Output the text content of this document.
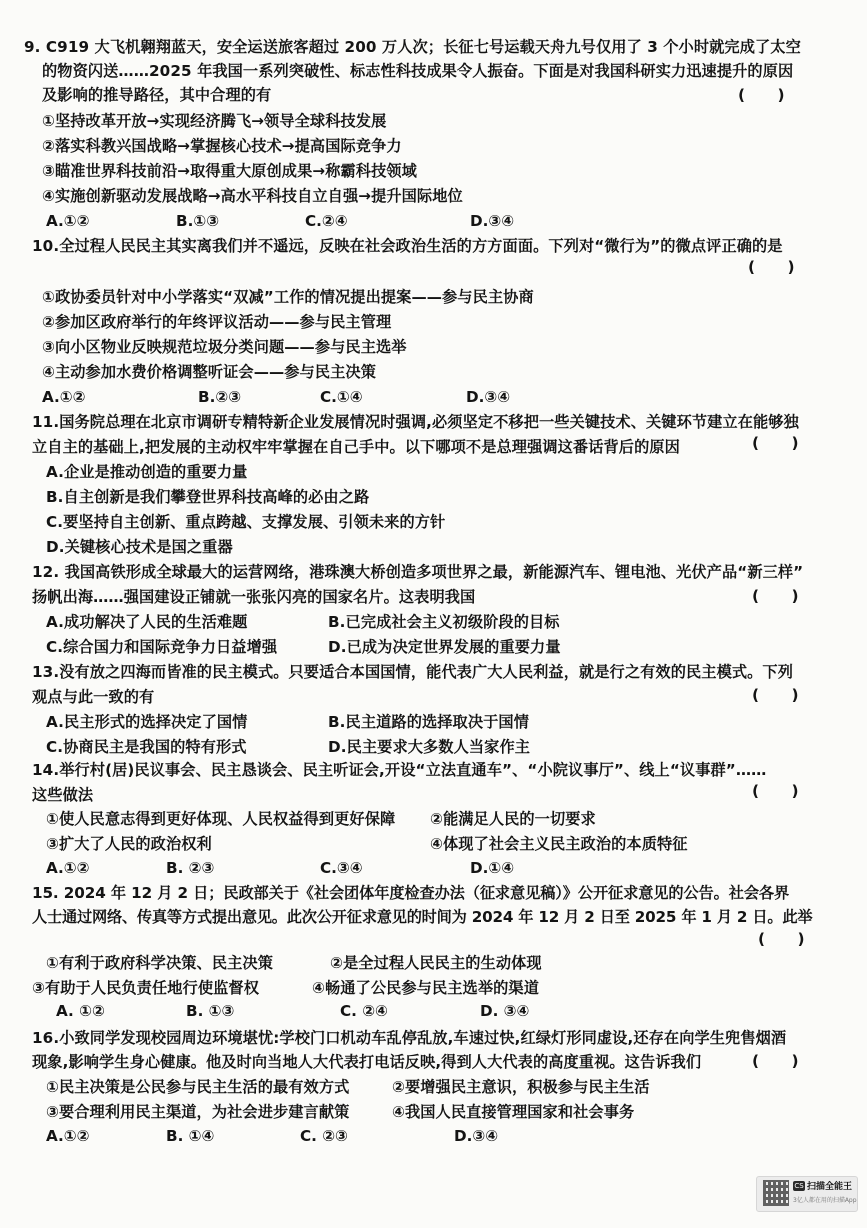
9. C919 大飞机翱翔蓝天，安全运送旅客超过 200 万人次；长征七号运载天舟九号仅用了 3 个小时就完成了太空
的物资闪送……2025 年我国一系列突破性、标志性科技成果令人振奋。下面是对我国科研实力迅速提升的原因
及影响的推导路径，其中合理的有	(      )
①坚持改革开放→实现经济腾飞→领导全球科技发展
②落实科教兴国战略→掌握核心技术→提高国际竞争力
③瞄准世界科技前沿→取得重大原创成果→称霸科技领域
④实施创新驱动发展战略→高水平科技自立自强→提升国际地位
A.①②	B.①③	C.②④	D.③④
10.全过程人民民主其实离我们并不遥远，反映在社会政治生活的方方面面。下列对“微行为”的微点评正确的是
(      )
①政协委员针对中小学落实“双减”工作的情况提出提案——参与民主协商
②参加区政府举行的年终评议活动——参与民主管理
③向小区物业反映规范垃圾分类问题——参与民主选举
④主动参加水费价格调整听证会——参与民主决策
A.①②	B.②③	C.①④	D.③④
11.国务院总理在北京市调研专精特新企业发展情况时强调,必须坚定不移把一些关键技术、关键环节建立在能够独
立自主的基础上,把发展的主动权牢牢掌握在自己手中。以下哪项不是总理强调这番话背后的原因	(      )
A.企业是推动创造的重要力量
B.自主创新是我们攀登世界科技高峰的必由之路
C.要坚持自主创新、重点跨越、支撑发展、引领未来的方针
D.关键核心技术是国之重器
12. 我国高铁形成全球最大的运营网络，港珠澳大桥创造多项世界之最，新能源汽车、锂电池、光伏产品“新三样”
扬帆出海……强国建设正铺就一张张闪亮的国家名片。这表明我国	(      )
A.成功解决了人民的生活难题	B.已完成社会主义初级阶段的目标
C.综合国力和国际竞争力日益增强	D.已成为决定世界发展的重要力量
13.没有放之四海而皆准的民主模式。只要适合本国国情，能代表广大人民利益，就是行之有效的民主模式。下列
观点与此一致的有	(      )
A.民主形式的选择决定了国情	B.民主道路的选择取决于国情
C.协商民主是我国的特有形式	D.民主要求大多数人当家作主
14.举行村(居)民议事会、民主恳谈会、民主听证会,开设“立法直通车”、“小院议事厅”、线上“议事群”……
这些做法	(      )
①使人民意志得到更好体现、人民权益得到更好保障 ②能满足人民的一切要求
③扩大了人民的政治权利	④体现了社会主义民主政治的本质特征
A.①②	B. ②③	C.③④	D.①④
15. 2024 年 12 月 2 日；民政部关于《社会团体年度检查办法（征求意见稿）》公开征求意见的公告。社会各界
人士通过网络、传真等方式提出意见。此次公开征求意见的时间为 2024 年 12 月 2 日至 2025 年 1 月 2 日。此举
(      )
①有利于政府科学决策、民主决策	②是全过程人民民主的生动体现
③有助于人民负责任地行使监督权	④畅通了公民参与民主选举的渠道
A. ①②	B. ①③	C. ②④	D. ③④
16.小致同学发现校园周边环境堪忧:学校门口机动车乱停乱放,车速过快,红绿灯形同虚设,还存在向学生兜售烟酒
现象,影响学生身心健康。他及时向当地人大代表打电话反映,得到人大代表的高度重视。这告诉我们	(      )
①民主决策是公民参与民主生活的最有效方式	②要增强民主意识，积极参与民主生活
③要合理利用民主渠道，为社会进步建言献策	④我国人民直接管理国家和社会事务
A.①②	B. ①④	C. ②③	D.③④
CS 扫描全能王
3亿人都在用的扫描App
